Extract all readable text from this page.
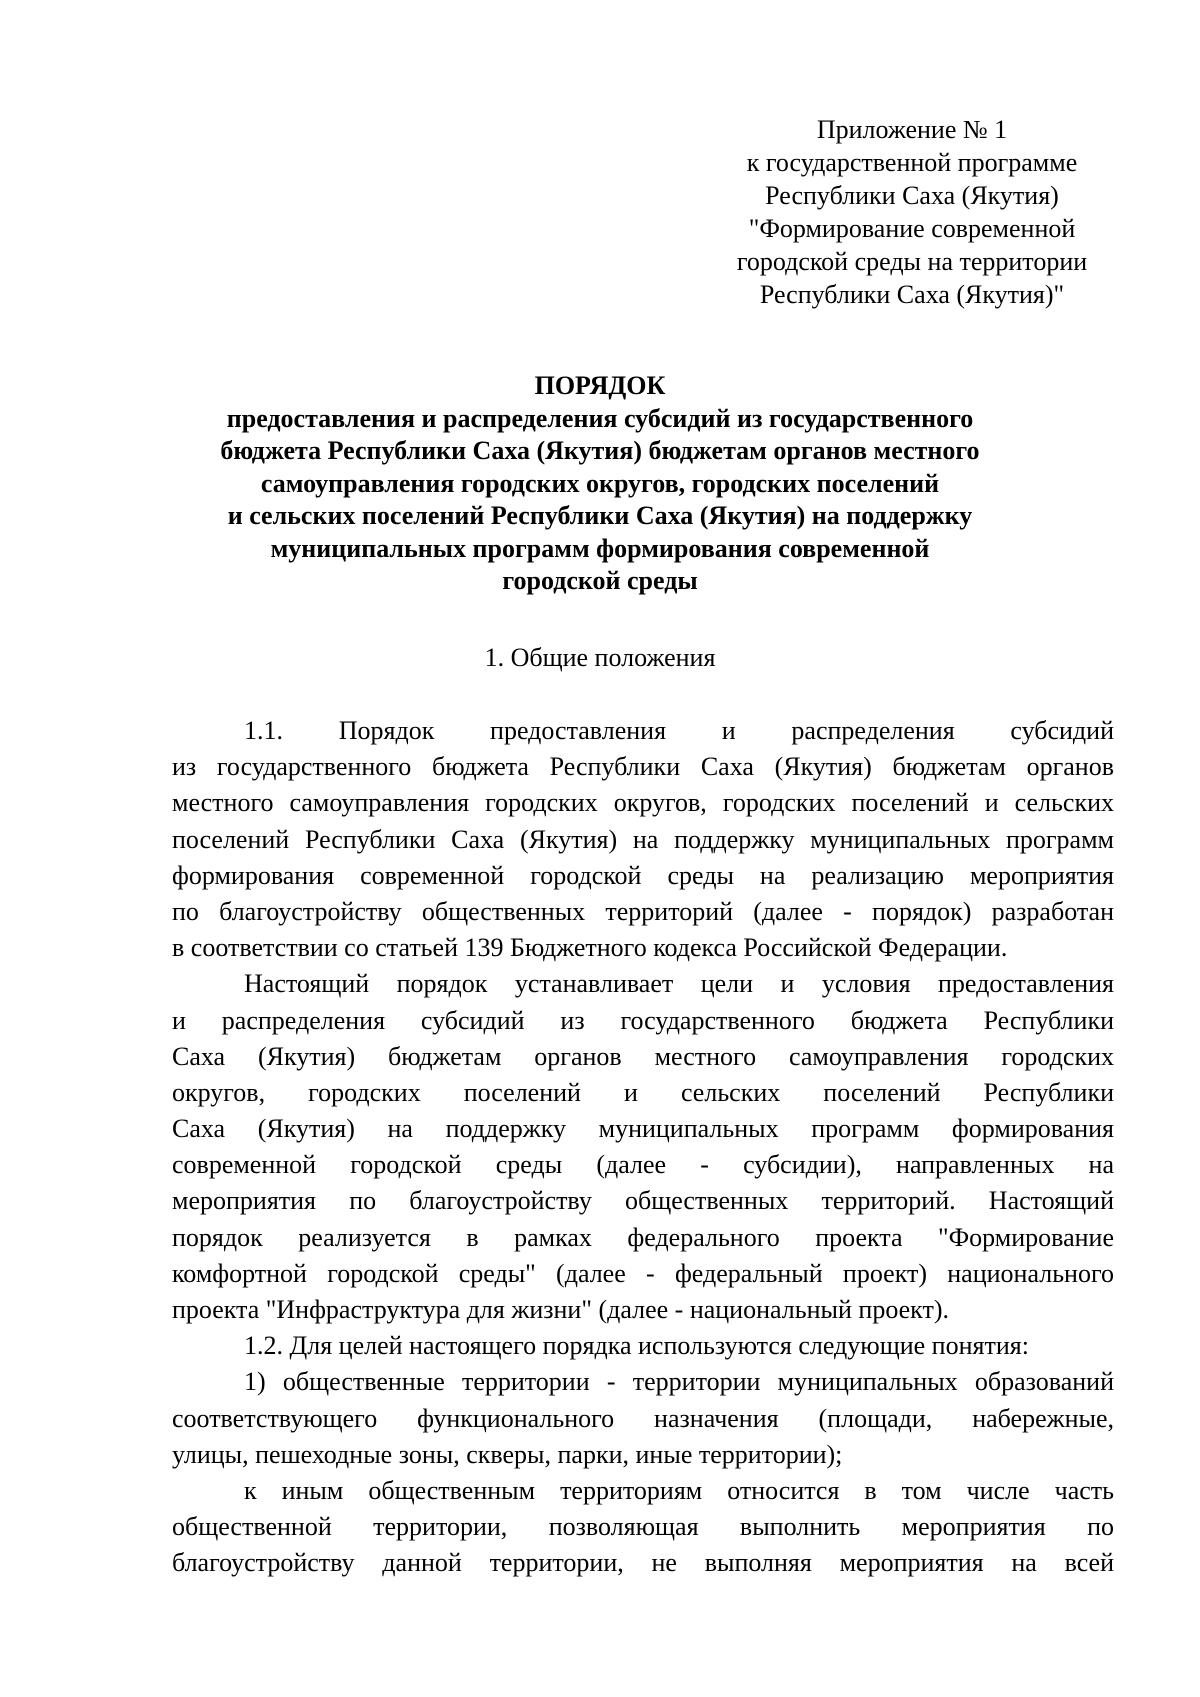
Приложение № 1
к государственной программе
Республики Саха (Якутия)
"Формирование современной
городской среды на территории
Республики Саха (Якутия)"
ПОРЯДОК
предоставления и распределения субсидий из государственного
бюджета Республики Саха (Якутия) бюджетам органов местного
самоуправления городских округов, городских поселений
и сельских поселений Республики Саха (Якутия) на поддержку
муниципальных программ формирования современной
городской среды
1. Общие положения
1.1. Порядок предоставления и распределения субсидий
из государственного бюджета Республики Саха (Якутия) бюджетам органов
местного самоуправления городских округов, городских поселений и сельских
поселений Республики Саха (Якутия) на поддержку муниципальных программ
формирования современной городской среды на реализацию мероприятия
по благоустройству общественных территорий (далее - порядок) разработан
в соответствии со статьей 139 Бюджетного кодекса Российской Федерации.
Настоящий порядок устанавливает цели и условия предоставления
и распределения субсидий из государственного бюджета Республики
Саха (Якутия) бюджетам органов местного самоуправления городских
округов, городских поселений и сельских поселений Республики
Саха (Якутия) на поддержку муниципальных программ формирования
современной городской среды (далее - субсидии), направленных на
мероприятия по благоустройству общественных территорий. Настоящий
порядок реализуется в рамках федерального проекта "Формирование
комфортной городской среды" (далее - федеральный проект) национального
проекта "Инфраструктура для жизни" (далее - национальный проект).
1.2. Для целей настоящего порядка используются следующие понятия:
1) общественные территории - территории муниципальных образований
соответствующего функционального назначения (площади, набережные,
улицы, пешеходные зоны, скверы, парки, иные территории);
к иным общественным территориям относится в том числе часть
общественной территории, позволяющая выполнить мероприятия по
благоустройству данной территории, не выполняя мероприятия на всей
